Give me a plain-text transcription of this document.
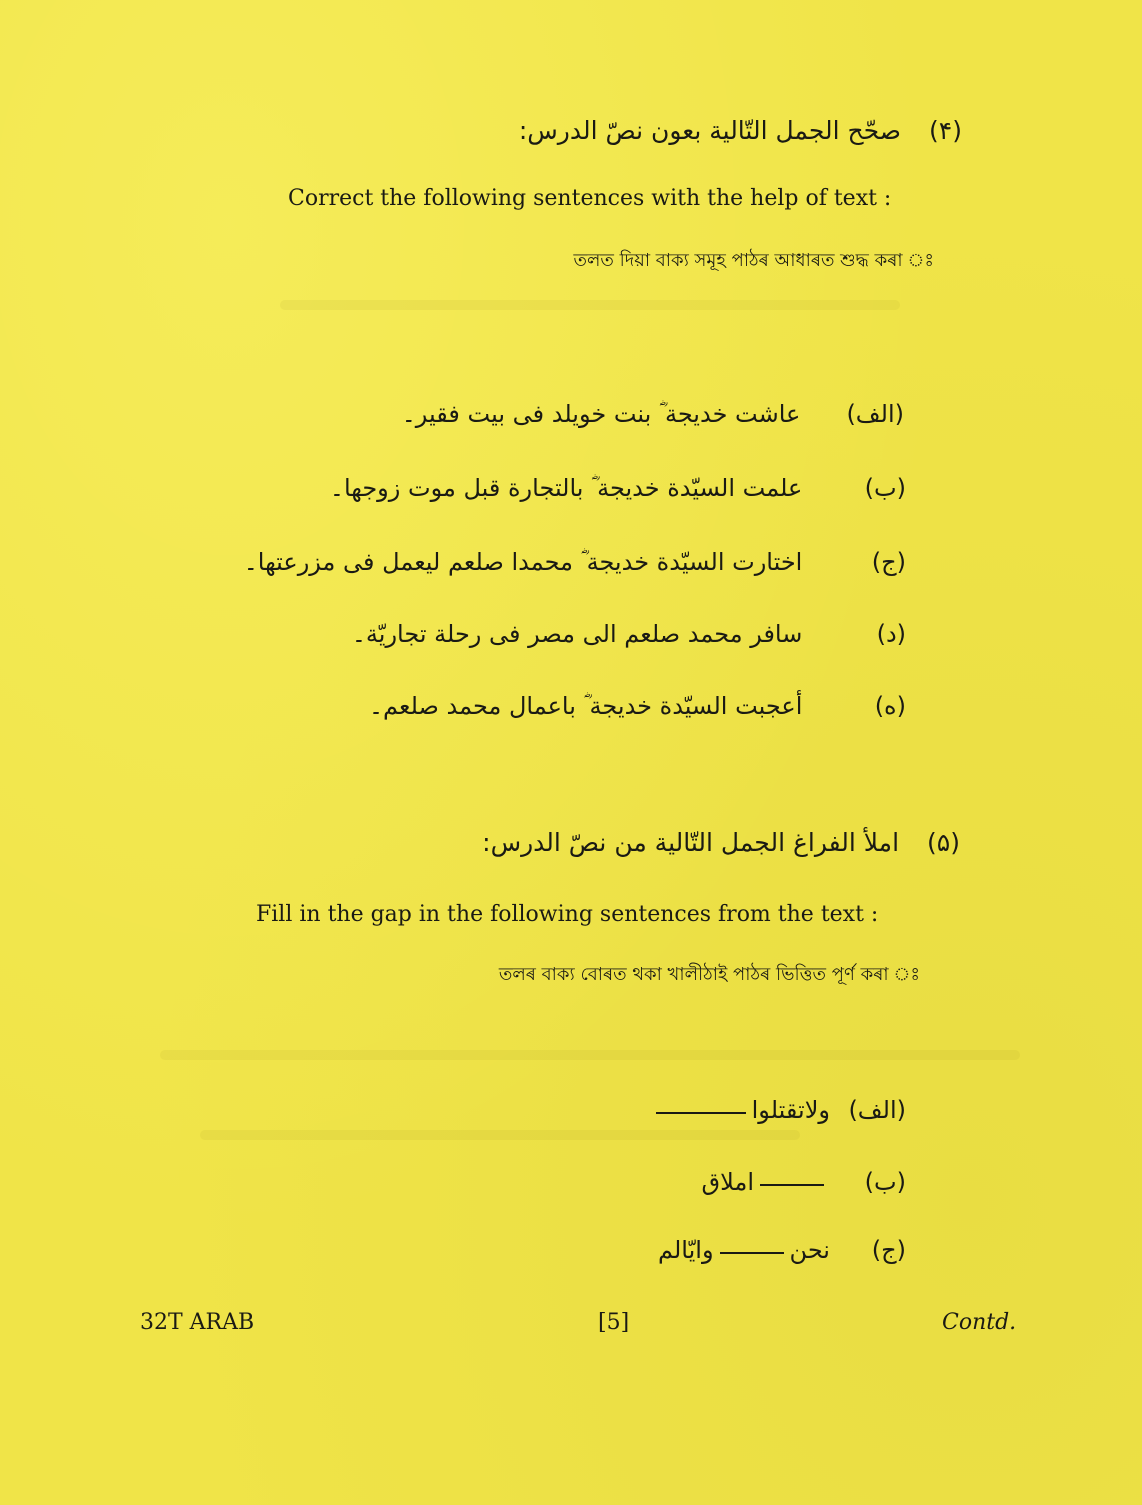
(۴)صحّح الجمل التّالية بعون نصّ الدرس:
Correct the following sentences with the help of text :
তলত দিয়া বাক্য সমূহ পাঠৰ আধাৰত শুদ্ধ কৰা ঃ
(الف) عاشت خديجة ؓ بنت خويلد فى بيت فقير۔
(ب) علمت السيّدة خديجة ؓ بالتجارة قبل موت زوجها۔
(ج) اختارت السيّدة خديجة ؓ محمدا صلعم ليعمل فى مزرعتها۔
(د) سافر محمد صلعم الى مصر فى رحلة تجاريّة۔
(ه) أعجبت السيّدة خديجة ؓ باعمال محمد صلعم۔
(۵)املأ الفراغ الجمل التّالية من نصّ الدرس:
Fill in the gap in the following sentences from the text :
তলৰ বাক্য বোৰত থকা খালীঠাই পাঠৰ ভিত্তিত পূৰ্ণ কৰা ঃ
(الف)ولاتقتلوا
(ب)املاق
(ج)نحنوايّالم
32T ARAB	[5]	Contd.
